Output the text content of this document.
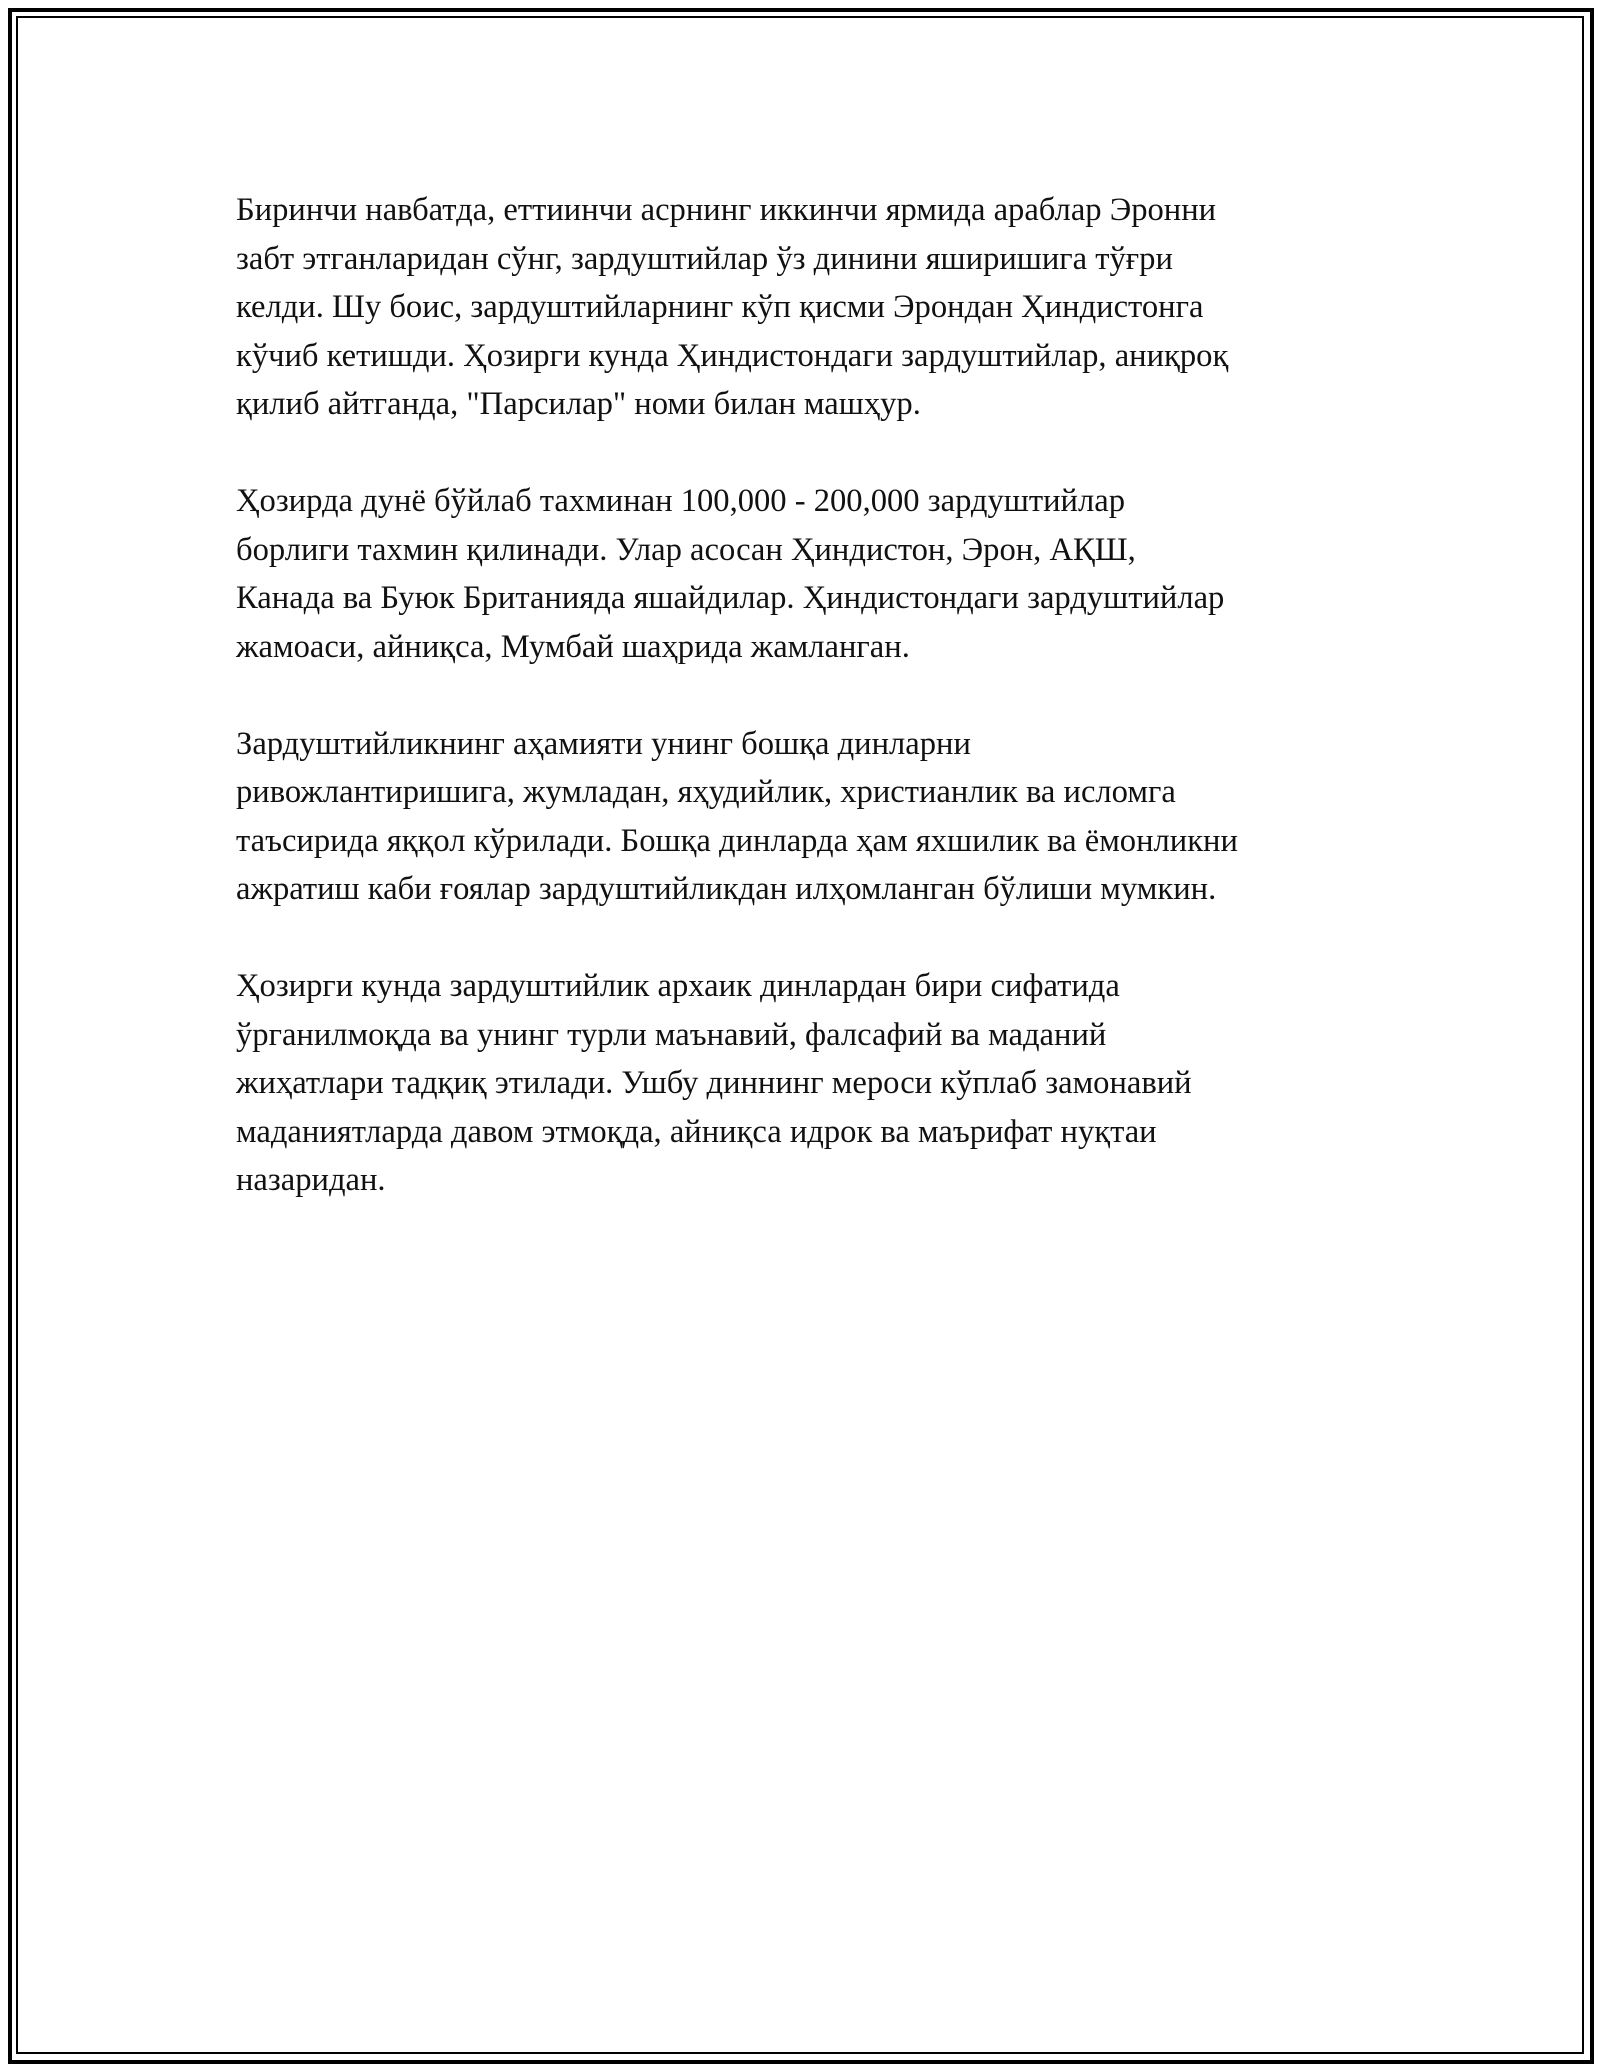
Биринчи навбатда, еттиинчи асрнинг иккинчи ярмида араблар Эронни
забт этганларидан сўнг, зардуштийлар ўз динини яширишига тўғри
келди. Шу боис, зардуштийларнинг кўп қисми Эрондан Ҳиндистонга
кўчиб кетишди. Ҳозирги кунда Ҳиндистондаги зардуштийлар, аниқроқ
қилиб айтганда, "Парсилар" номи билан машҳур.

Ҳозирда дунё бўйлаб тахминан 100,000 - 200,000 зардуштийлар
борлиги тахмин қилинади. Улар асосан Ҳиндистон, Эрон, АҚШ,
Канада ва Буюк Британияда яшайдилар. Ҳиндистондаги зардуштийлар
жамоаси, айниқса, Мумбай шаҳрида жамланган.

Зардуштийликнинг аҳамияти унинг бошқа динларни
ривожлантиришига, жумладан, яҳудийлик, христианлик ва исломга
таъсирида яққол кўрилади. Бошқа динларда ҳам яхшилик ва ёмонликни
ажратиш каби ғоялар зардуштийликдан илҳомланган бўлиши мумкин.

Ҳозирги кунда зардуштийлик архаик динлардан бири сифатида
ўрганилмоқда ва унинг турли маънавий, фалсафий ва маданий
жиҳатлари тадқиқ этилади. Ушбу диннинг мероси кўплаб замонавий
маданиятларда давом этмоқда, айниқса идрок ва маърифат нуқтаи
назаридан.
